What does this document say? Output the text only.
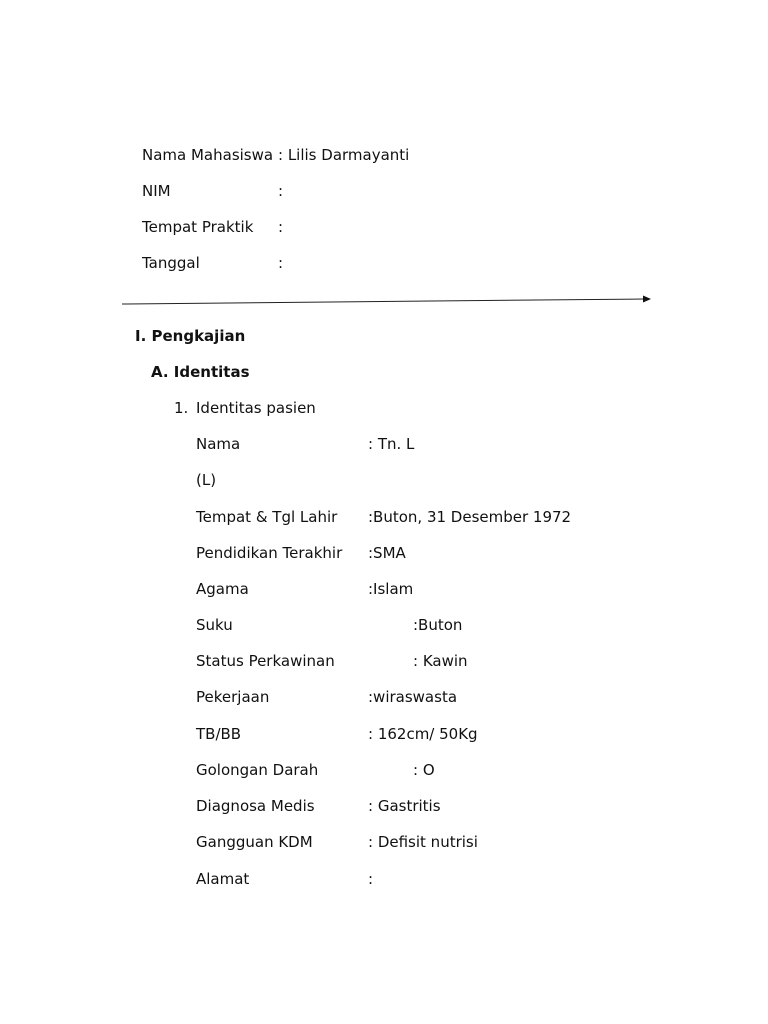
Nama Mahasiswa : Lilis Darmayanti
NIM	:
Tempat Praktik :
Tanggal	:
I. Pengkajian
A. Identitas
1. Identitas pasien
Nama	: Tn. L
(L)
Tempat & Tgl Lahir :Buton, 31 Desember 1972
Pendidikan Terakhir :SMA
Agama	:Islam
Suku	:Buton
Status Perkawinan	: Kawin
Pekerjaan	:wiraswasta
TB/BB	: 162cm/ 50Kg
Golongan Darah	: O
Diagnosa Medis	: Gastritis
Gangguan KDM	: Defisit nutrisi
Alamat	:
